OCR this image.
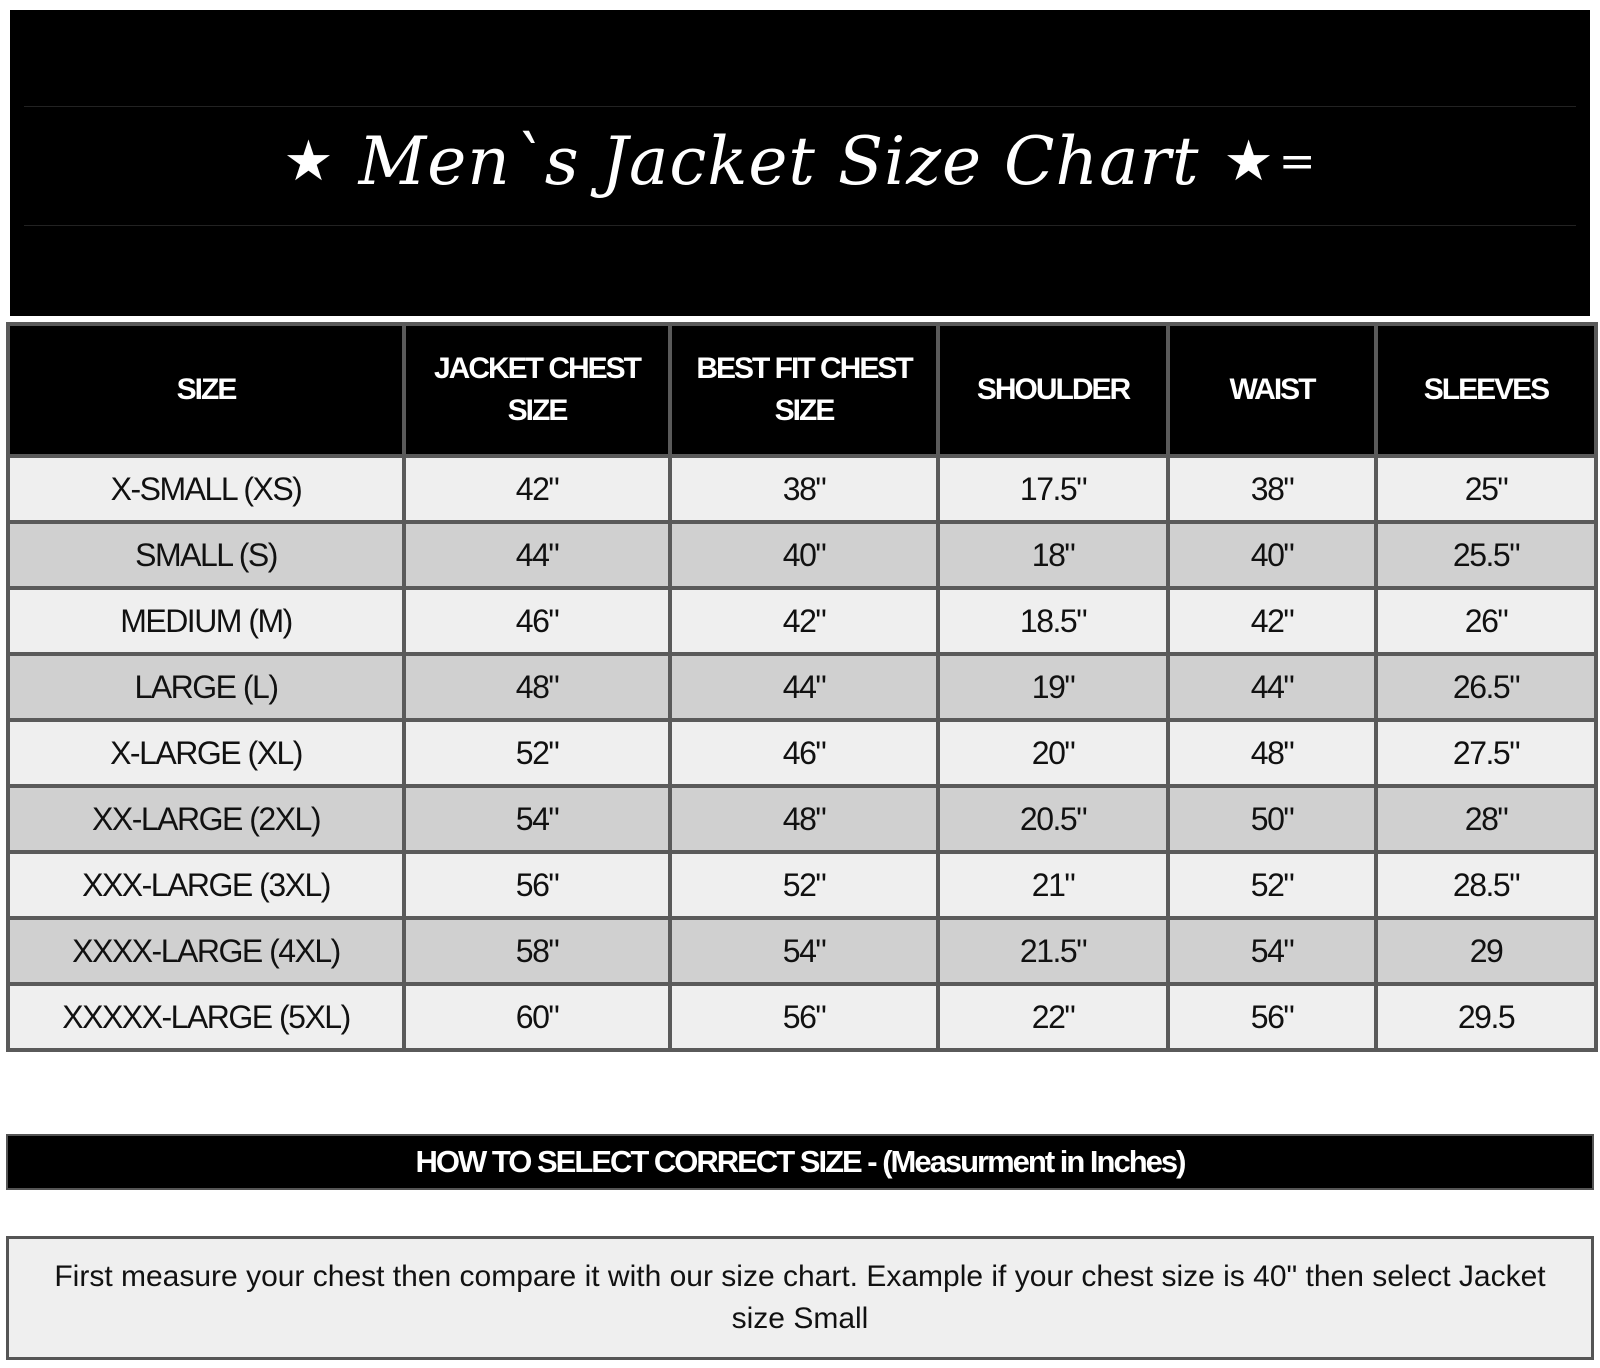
★ Men`s Jacket Size Chart ★ =
SIZE	JACKET CHEST SIZE	BEST FIT CHEST SIZE	SHOULDER	WAIST	SLEEVES
X-SMALL (XS)	42"	38"	17.5"	38"	25"
SMALL (S)	44"	40"	18"	40"	25.5"
MEDIUM (M)	46"	42"	18.5"	42"	26"
LARGE (L)	48"	44"	19"	44"	26.5"
X-LARGE (XL)	52"	46"	20"	48"	27.5"
XX-LARGE (2XL)	54"	48"	20.5"	50"	28"
XXX-LARGE (3XL)	56"	52"	21"	52"	28.5"
XXXX-LARGE (4XL)	58"	54"	21.5"	54"	29
XXXXX-LARGE (5XL)	60"	56"	22"	56"	29.5
HOW TO SELECT CORRECT SIZE - (Measurment in Inches)
First measure your chest then compare it with our size chart. Example if your chest size is 40" then select Jacket size Small
